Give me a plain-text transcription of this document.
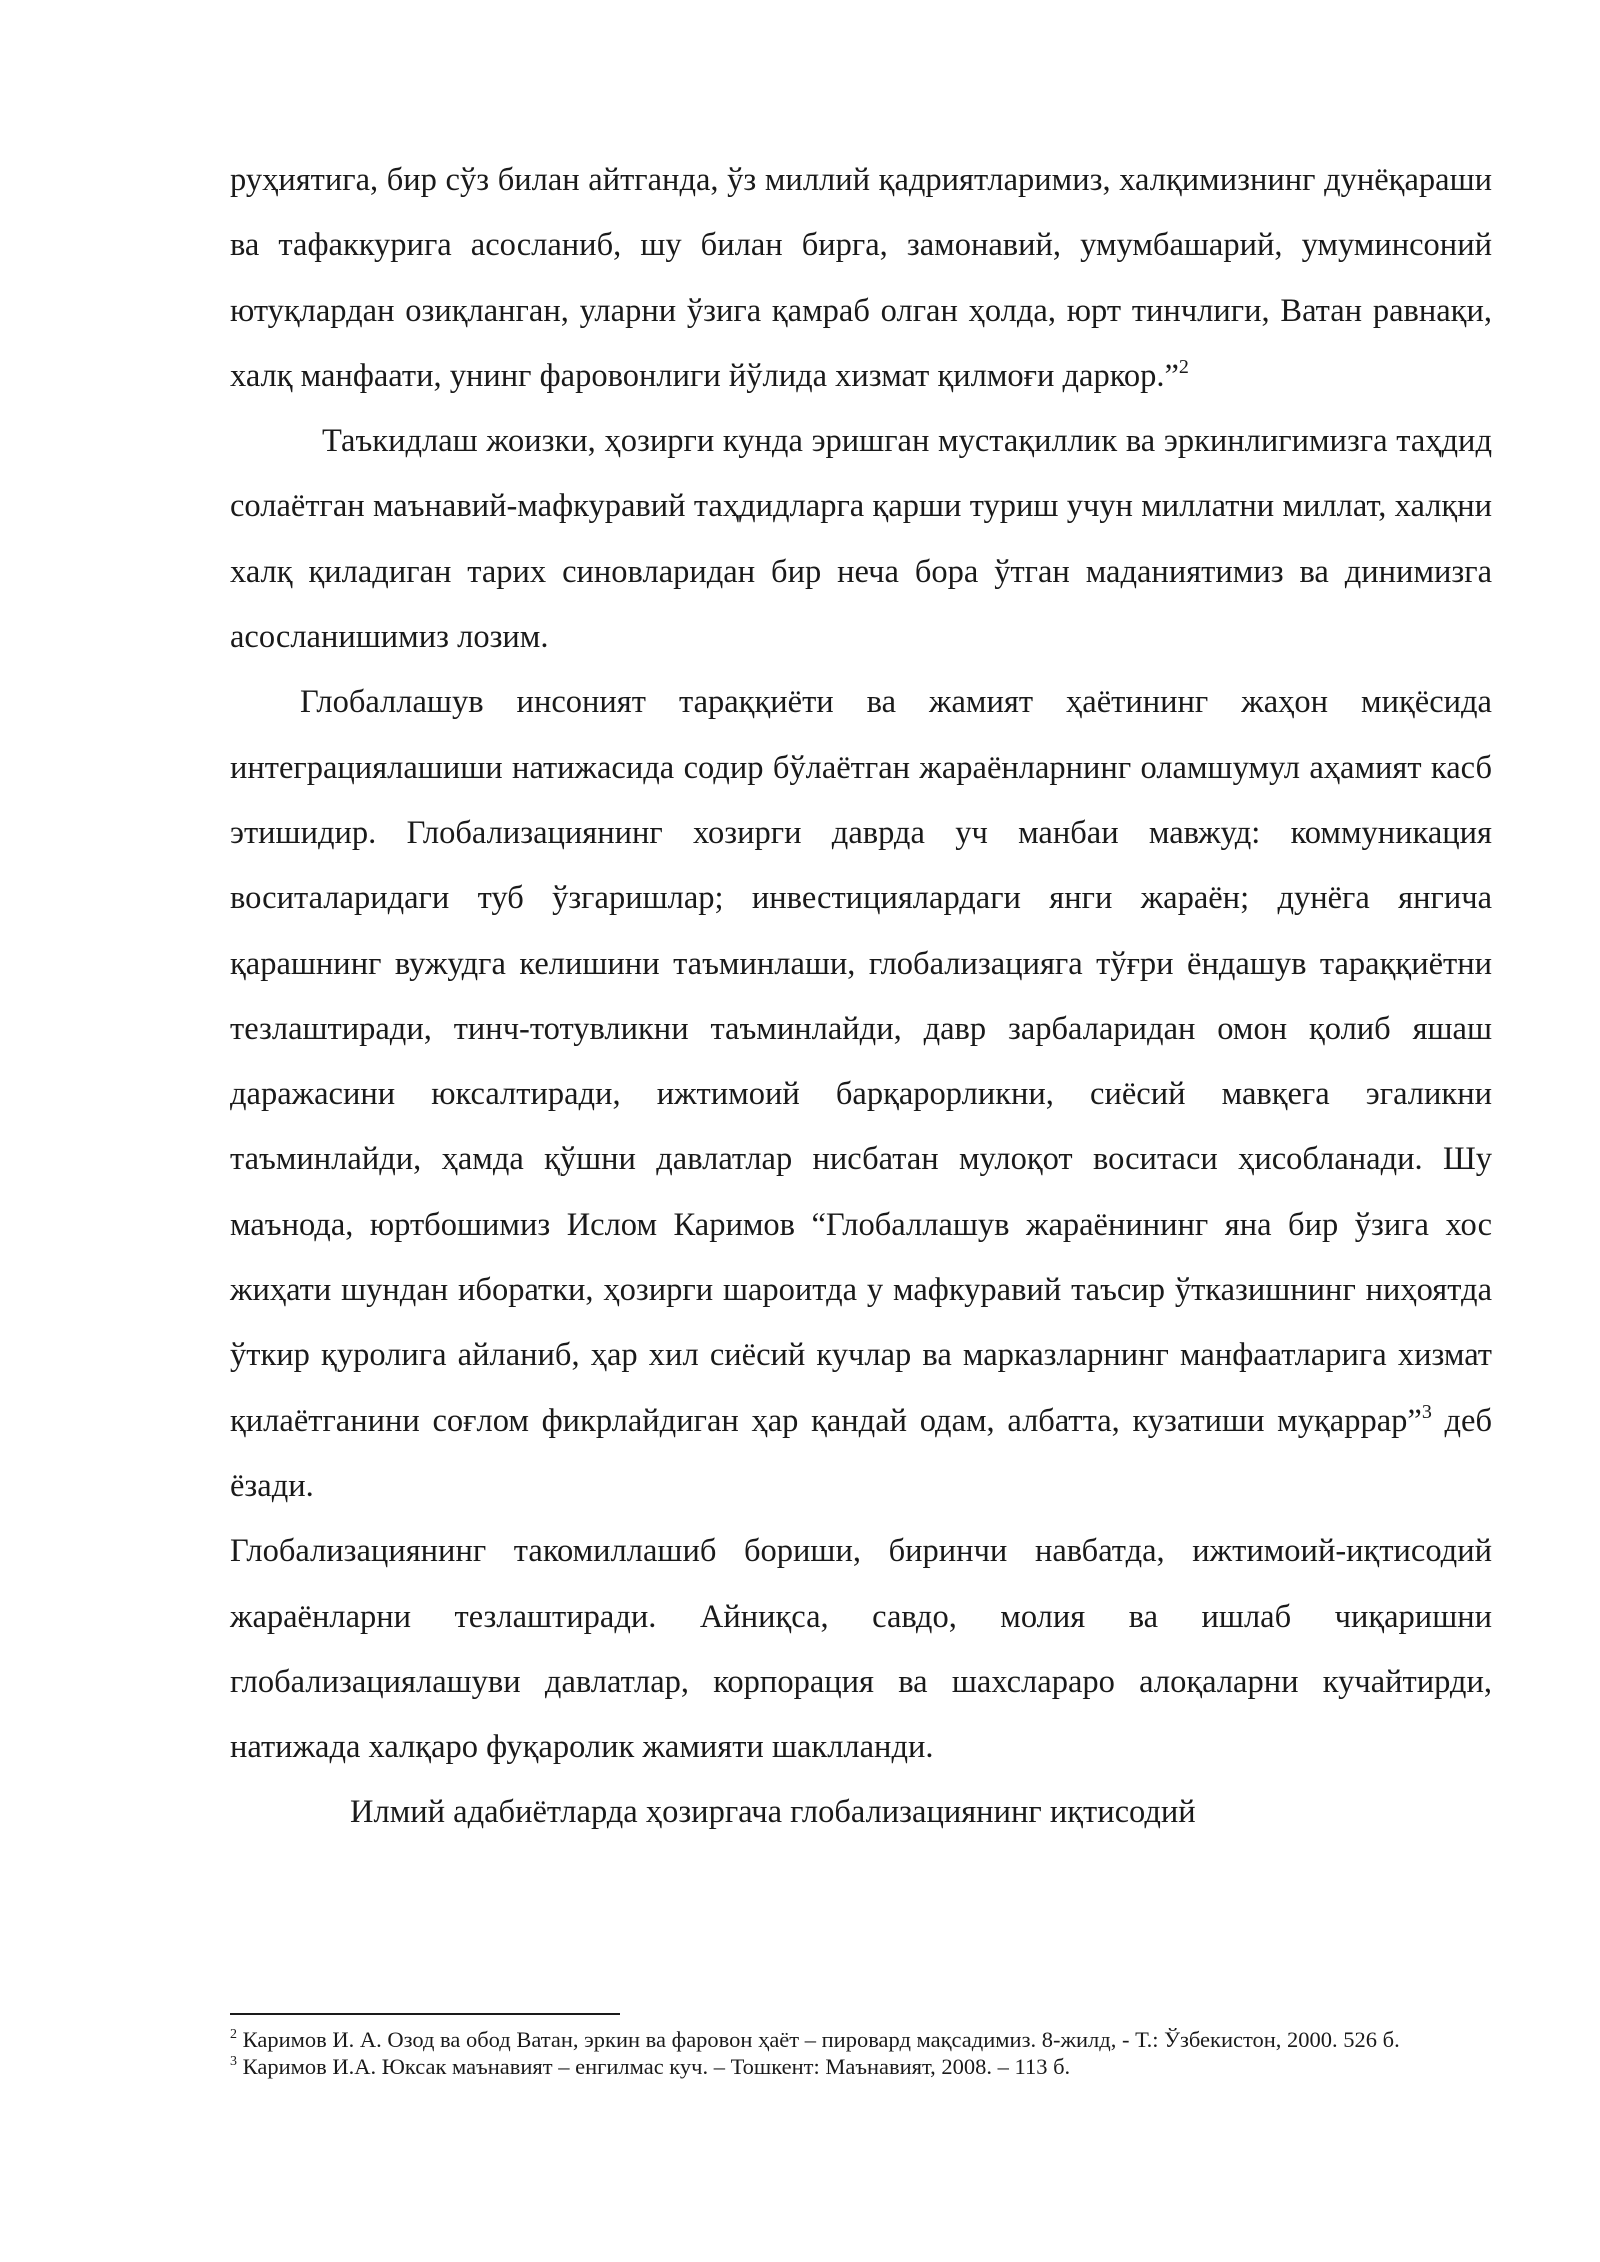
руҳиятига, бир сўз билан айтганда, ўз миллий қадриятларимиз, халқимизнинг дунёқараши ва тафаккурига асосланиб, шу билан бирга, замонавий, умумбашарий, умуминсоний ютуқлардан озиқланган, уларни ўзига қамраб олган ҳолда, юрт тинчлиги, Ватан равнақи, халқ манфаати, унинг фаровонлиги йўлида хизмат қилмоғи даркор.”$^2$

Таъкидлаш жоизки, ҳозирги кунда эришган мустақиллик ва эркинлигимизга таҳдид солаётган маънавий-мафкуравий таҳдидларга қарши туриш учун миллатни миллат, халқни халқ қиладиган тарих синовларидан бир неча бора ўтган маданиятимиз ва динимизга асосланишимиз лозим.

Глобаллашув инсоният тараққиёти ва жамият ҳаётининг жаҳон миқёсида интеграциялашиши натижасида содир бўлаётган жараёнларнинг оламшумул аҳамият касб этишидир. Глобализациянинг хозирги даврда уч манбаи мавжуд: коммуникация воситаларидаги туб ўзгаришлар; инвестициялардаги янги жараён; дунёга янгича қарашнинг вужудга келишини таъминлаши, глобализацияга тўғри ёндашув тараққиётни тезлаштиради, тинч-тотувликни таъминлайди, давр зарбаларидан омон қолиб яшаш даражасини юксалтиради, ижтимоий барқарорликни, сиёсий мавқега эгаликни таъминлайди, ҳамда қўшни давлатлар нисбатан мулоқот воситаси ҳисобланади. Шу маънода, юртбошимиз Ислом Каримов “Глобаллашув жараёнининг яна бир ўзига хос жиҳати шундан иборатки, ҳозирги шароитда у мафкуравий таъсир ўтказишнинг ниҳоятда ўткир қуролига айланиб, ҳар хил сиёсий кучлар ва марказларнинг манфаатларига хизмат қилаётганини соғлом фикрлайдиган ҳар қандай одам, албатта, кузатиши муқаррар”$^3$ деб ёзади.

Глобализациянинг такомиллашиб бориши, биринчи навбатда, ижтимоий-иқтисодий жараёнларни тезлаштиради. Айниқса, савдо, молия ва ишлаб чиқаришни глобализациялашуви давлатлар, корпорация ва шахслараро алоқаларни кучайтирди, натижада халқаро фуқаролик жамияти шаклланди.

Илмий адабиётларда ҳозиргача глобализациянинг иқтисодий

$^2$ Каримов И. А. Озод ва обод Ватан, эркин ва фаровон ҳаёт – пировард мақсадимиз. 8-жилд, - Т.: Ўзбекистон, 2000. 526 б.

$^3$ Каримов И.А. Юксак маънавият – енгилмас куч. – Тошкент: Маънавият, 2008. – 113 б.
